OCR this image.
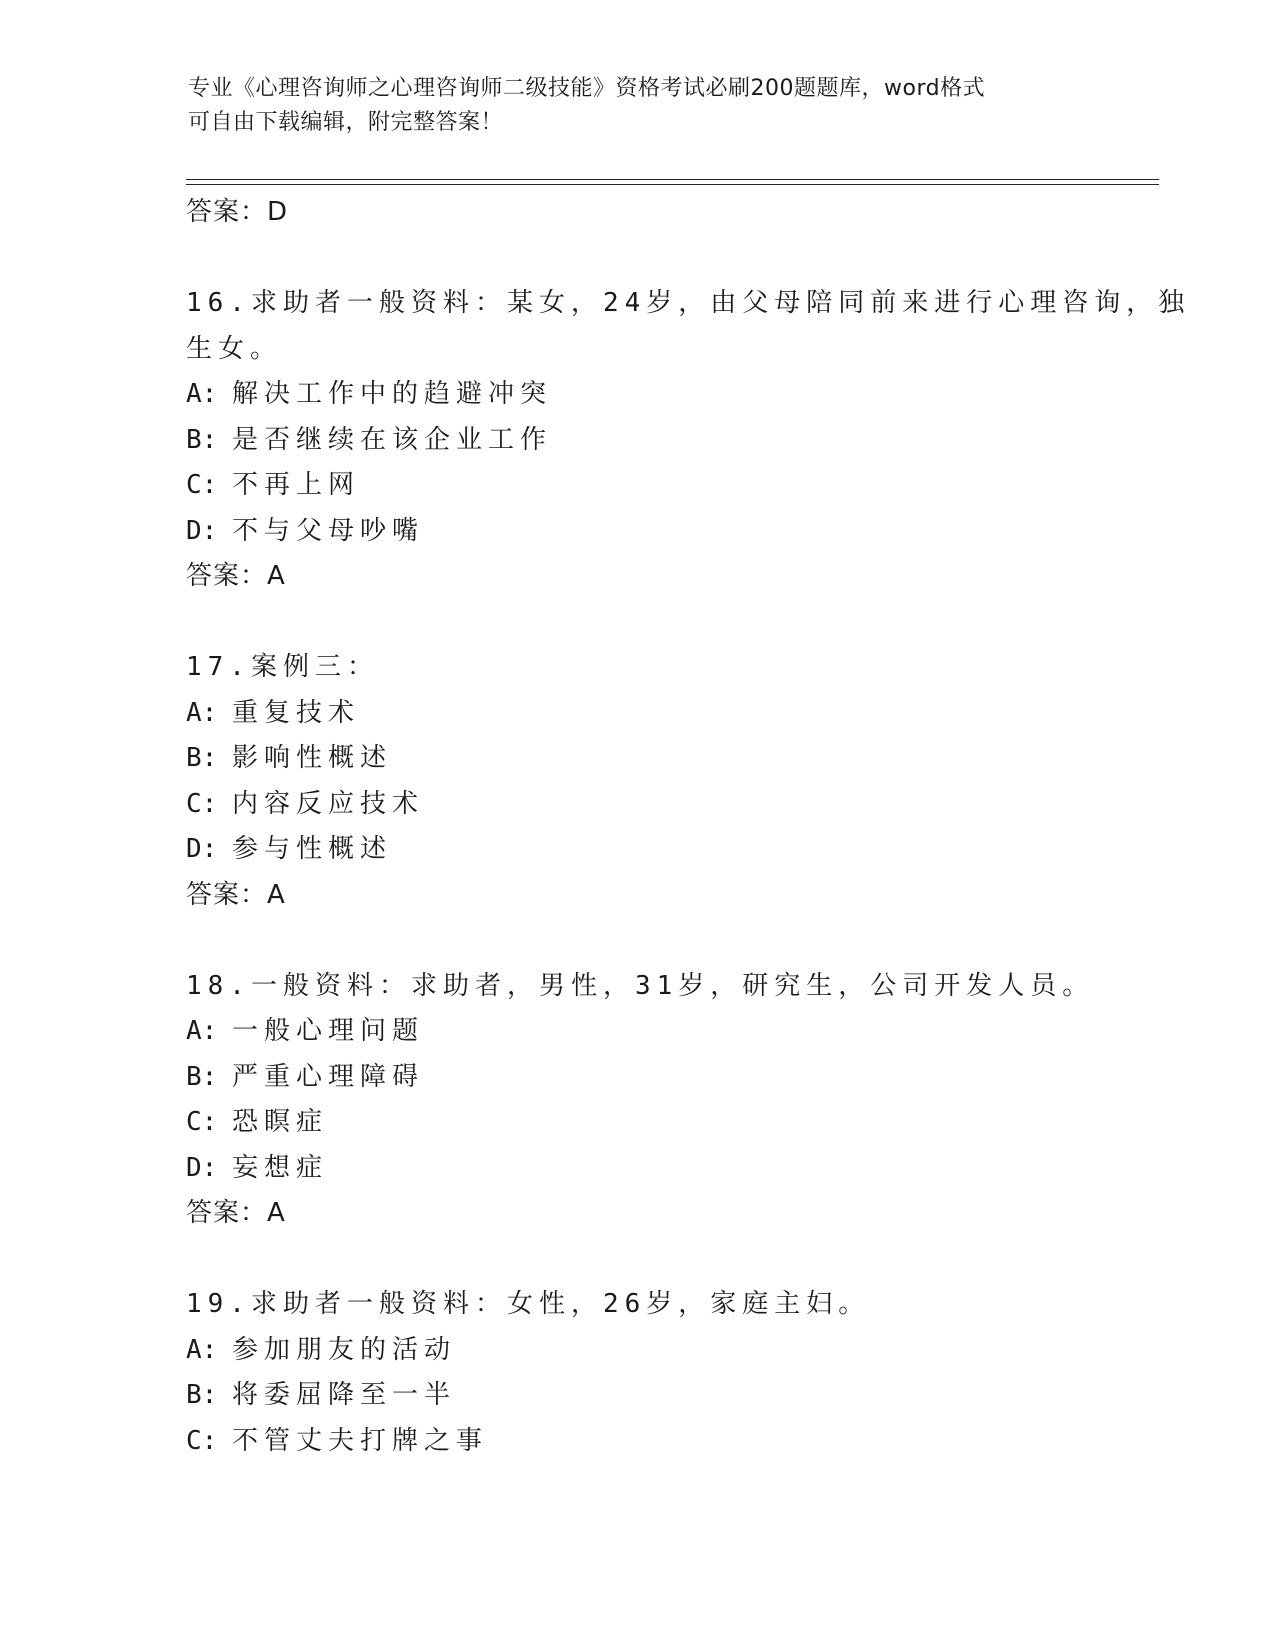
专业《心理咨询师之心理咨询师二级技能》资格考试必刷200题题库，word格式
可自由下载编辑，附完整答案！
答案：D
16.求助者一般资料：某女，24岁，由父母陪同前来进行心理咨询，独
生女。
A: 解决工作中的趋避冲突
B: 是否继续在该企业工作
C: 不再上网
D: 不与父母吵嘴
答案：A
17.案例三：
A: 重复技术
B: 影响性概述
C: 内容反应技术
D: 参与性概述
答案：A
18.一般资料：求助者，男性，31岁，研究生，公司开发人员。
A: 一般心理问题
B: 严重心理障碍
C: 恐瞑症
D: 妄想症
答案：A
19.求助者一般资料：女性，26岁，家庭主妇。
A: 参加朋友的活动
B: 将委屈降至一半
C: 不管丈夫打牌之事
